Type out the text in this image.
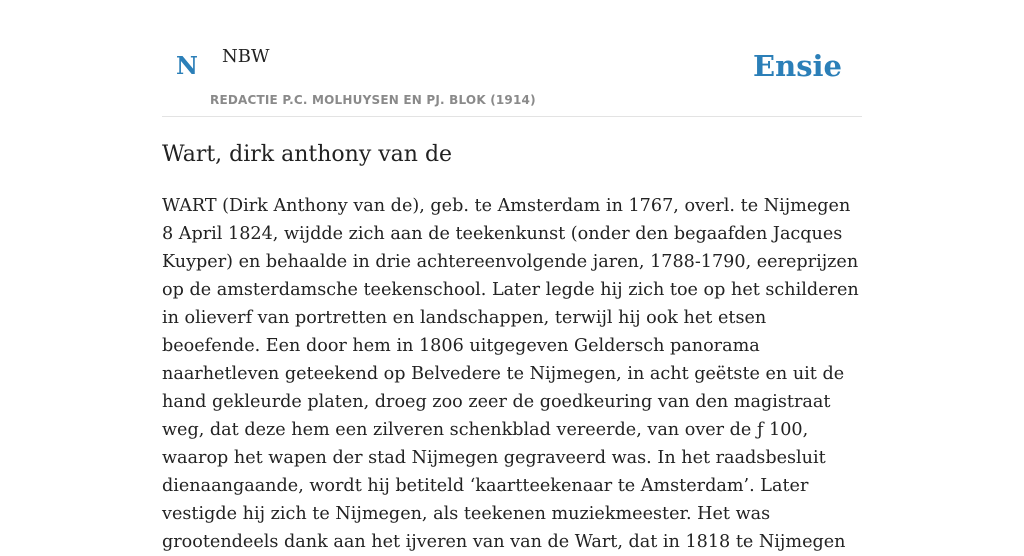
N NBW
REDACTIE P.C. MOLHUYSEN EN PJ. BLOK (1914)
Ensie
Wart, dirk anthony van de

WART (Dirk Anthony van de), geb. te Amsterdam in 1767, overl. te Nijmegen 8 April 1824, wijdde zich aan de teekenkunst (onder den begaafden Jacques Kuyper) en behaalde in drie achtereenvolgende jaren, 1788-1790, eereprijzen op de amsterdamsche teekenschool. Later legde hij zich toe op het schilderen in olieverf van portretten en landschappen, terwijl hij ook het etsen beoefende. Een door hem in 1806 uitgegeven Geldersch panorama naarhetleven geteekend op Belvedere te Nijmegen, in acht geëtste en uit de hand gekleurde platen, droeg zoo zeer de goedkeuring van den magistraat weg, dat deze hem een zilveren schenkblad vereerde, van over de ƒ 100, waarop het wapen der stad Nijmegen gegraveerd was. In het raadsbesluit dienaangaande, wordt hij betiteld ‘kaartteekenaar te Amsterdam’. Later vestigde hij zich te Nijmegen, als teekenen muziekmeester. Het was grootendeels dank aan het ijveren van van de Wart, dat in 1818 te Nijmegen
